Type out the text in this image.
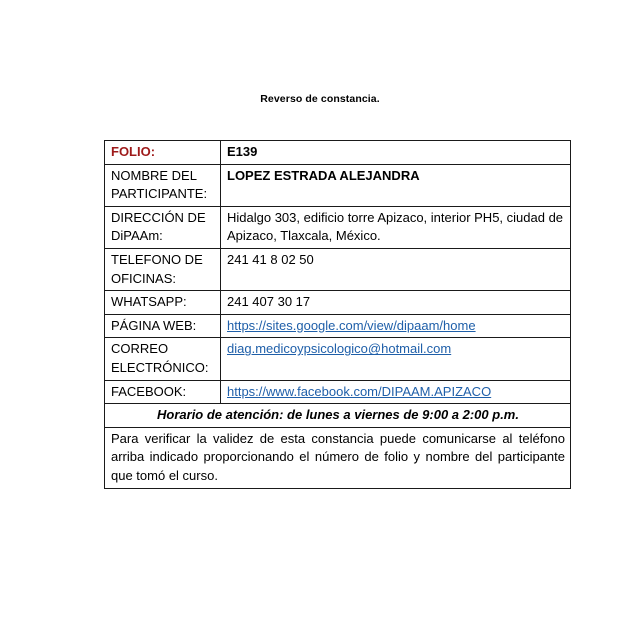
Reverso de constancia.
FOLIO:	E139
NOMBRE DEL PARTICIPANTE:	LOPEZ ESTRADA ALEJANDRA
DIRECCIÓN DE DiPAAm:	Hidalgo 303, edificio torre Apizaco, interior PH5, ciudad de Apizaco, Tlaxcala, México.
TELEFONO DE OFICINAS:	241 41 8 02 50
WHATSAPP:	241 407 30 17
PÁGINA WEB:	https://sites.google.com/view/dipaam/home
CORREO ELECTRÓNICO:	diag.medicoypsicologico@hotmail.com
FACEBOOK:	https://www.facebook.com/DIPAAM.APIZACO
Horario de atención: de lunes a viernes de 9:00 a 2:00 p.m.	
Para verificar la validez de esta constancia puede comunicarse al teléfono arriba indicado proporcionando el número de folio y nombre del participante que tomó el curso.	
